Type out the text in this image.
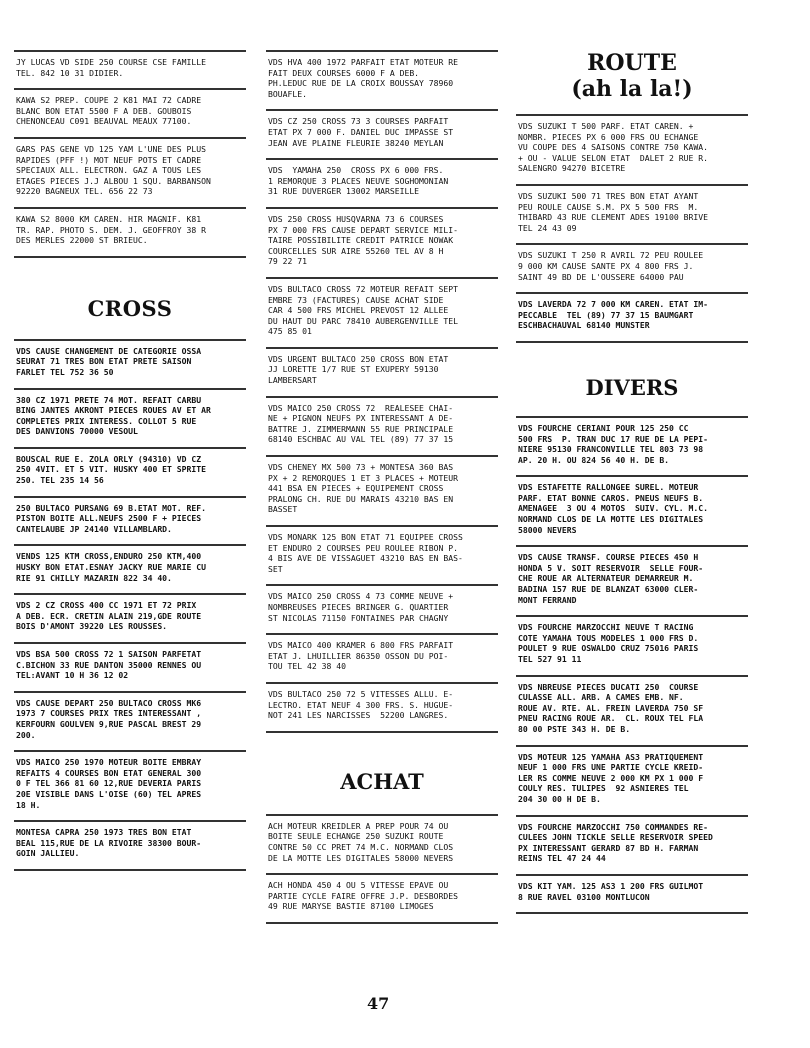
JY LUCAS VD SIDE 250 COURSE CSE FAMILLE
TEL. 842 10 31 DIDIER.
KAWA S2 PREP. COUPE 2 K81 MAI 72 CADRE
BLANC BON ETAT 5500 F A DEB. GOUBOIS
CHENONCEAU C091 BEAUVAL MEAUX 77100.
GARS PAS GENE VD 125 YAM L'UNE DES PLUS
RAPIDES (PFF !) MOT NEUF POTS ET CADRE
SPECIAUX ALL. ELECTRON. GAZ A TOUS LES
ETAGES PIECES J.J ALBOU 1 SQU. BARBANSON
92220 BAGNEUX TEL. 656 22 73
KAWA S2 8000 KM CAREN. HIR MAGNIF. K81
TR. RAP. PHOTO S. DEM. J. GEOFFROY 38 R
DES MERLES 22000 ST BRIEUC.
CROSS
VDS CAUSE CHANGEMENT DE CATEGORIE OSSA
SEURAT 71 TRES BON ETAT PRETE SAISON
FARLET TEL 752 36 50
380 CZ 1971 PRETE 74 MOT. REFAIT CARBU
BING JANTES AKRONT PIECES ROUES AV ET AR
COMPLETES PRIX INTERESS. COLLOT 5 RUE
DES DANVIONS 70000 VESOUL
BOUSCAL RUE E. ZOLA ORLY (94310) VD CZ
250 4VIT. ET 5 VIT. HUSKY 400 ET SPRITE
250. TEL 235 14 56
250 BULTACO PURSANG 69 B.ETAT MOT. REF.
PISTON BOITE ALL.NEUFS 2500 F + PIECES
CANTELAUBE JP 24140 VILLAMBLARD.
VENDS 125 KTM CROSS,ENDURO 250 KTM,400
HUSKY BON ETAT.ESNAY JACKY RUE MARIE CU
RIE 91 CHILLY MAZARIN 822 34 40.
VDS 2 CZ CROSS 400 CC 1971 ET 72 PRIX
A DEB. ECR. CRETIN ALAIN 219,GDE ROUTE
BOIS D'AMONT 39220 LES ROUSSES.
VDS BSA 500 CROSS 72 1 SAISON PARFETAT
C.BICHON 33 RUE DANTON 35000 RENNES OU
TEL:AVANT 10 H 36 12 02
VDS CAUSE DEPART 250 BULTACO CROSS MK6
1973 7 COURSES PRIX TRES INTERESSANT ,
KERFOURN GOULVEN 9,RUE PASCAL BREST 29
200.
VDS MAICO 250 1970 MOTEUR BOITE EMBRAY
REFAITS 4 COURSES BON ETAT GENERAL 300
0 F TEL 366 81 60 12,RUE DEVERIA PARIS
20E VISIBLE DANS L'OISE (60) TEL APRES
18 H.
MONTESA CAPRA 250 1973 TRES BON ETAT
BEAL 115,RUE DE LA RIVOIRE 38300 BOUR-
GOIN JALLIEU.
VDS HVA 400 1972 PARFAIT ETAT MOTEUR RE
FAIT DEUX COURSES 6000 F A DEB.
PH.LEDUC RUE DE LA CROIX BOUSSAY 78960
BOUAFLE.
VDS CZ 250 CROSS 73 3 COURSES PARFAIT
ETAT PX 7 000 F. DANIEL DUC IMPASSE ST
JEAN AVE PLAINE FLEURIE 38240 MEYLAN
VDS  YAMAHA 250  CROSS PX 6 000 FRS.
1 REMORQUE 3 PLACES NEUVE SOGHOMONIAN
31 RUE DUVERGER 13002 MARSEILLE
VDS 250 CROSS HUSQVARNA 73 6 COURSES
PX 7 000 FRS CAUSE DEPART SERVICE MILI-
TAIRE POSSIBILITE CREDIT PATRICE NOWAK
COURCELLES SUR AIRE 55260 TEL AV 8 H
79 22 71
VDS BULTACO CROSS 72 MOTEUR REFAIT SEPT
EMBRE 73 (FACTURES) CAUSE ACHAT SIDE
CAR 4 500 FRS MICHEL PREVOST 12 ALLEE
DU HAUT DU PARC 78410 AUBERGENVILLE TEL
475 85 01
VDS URGENT BULTACO 250 CROSS BON ETAT
JJ LORETTE 1/7 RUE ST EXUPERY 59130
LAMBERSART
VDS MAICO 250 CROSS 72  REALESEE CHAI-
NE + PIGNON NEUFS PX INTERESSANT A DE-
BATTRE J. ZIMMERMANN 55 RUE PRINCIPALE
68140 ESCHBAC AU VAL TEL (89) 77 37 15
VDS CHENEY MX 500 73 + MONTESA 360 BAS
PX + 2 REMORQUES 1 ET 3 PLACES + MOTEUR
441 BSA EN PIECES + EQUIPEMENT CROSS
PRALONG CH. RUE DU MARAIS 43210 BAS EN
BASSET
VDS MONARK 125 BON ETAT 71 EQUIPEE CROSS
ET ENDURO 2 COURSES PEU ROULEE RIBON P.
4 BIS AVE DE VISSAGUET 43210 BAS EN BAS-
SET
VDS MAICO 250 CROSS 4 73 COMME NEUVE +
NOMBREUSES PIECES BRINGER G. QUARTIER
ST NICOLAS 71150 FONTAINES PAR CHAGNY
VDS MAICO 400 KRAMER 6 800 FRS PARFAIT
ETAT J. LHUILLIER 86350 OSSON DU POI-
TOU TEL 42 38 40
VDS BULTACO 250 72 5 VITESSES ALLU. E-
LECTRO. ETAT NEUF 4 300 FRS. S. HUGUE-
NOT 241 LES NARCISSES  52200 LANGRES.
ACHAT
ACH MOTEUR KREIDLER A PREP POUR 74 OU
BOITE SEULE ECHANGE 250 SUZUKI ROUTE
CONTRE 50 CC PRET 74 M.C. NORMAND CLOS
DE LA MOTTE LES DIGITALES 58000 NEVERS
ACH HONDA 450 4 OU 5 VITESSE EPAVE OU
PARTIE CYCLE FAIRE OFFRE J.P. DESBORDES
49 RUE MARYSE BASTIE 87100 LIMOGES
ROUTE
(ah la la!)
VDS SUZUKI T 500 PARF. ETAT CAREN. +
NOMBR. PIECES PX 6 000 FRS OU ECHANGE
VU COUPE DES 4 SAISONS CONTRE 750 KAWA.
+ OU - VALUE SELON ETAT  DALET 2 RUE R.
SALENGRO 94270 BICETRE
VDS SUZUKI 500 71 TRES BON ETAT AYANT
PEU ROULE CAUSE S.M. PX 5 500 FRS  M.
THIBARD 43 RUE CLEMENT ADES 19100 BRIVE
TEL 24 43 09
VDS SUZUKI T 250 R AVRIL 72 PEU ROULEE
9 000 KM CAUSE SANTE PX 4 800 FRS J.
SAINT 49 BD DE L'OUSSERE 64000 PAU
VDS LAVERDA 72 7 000 KM CAREN. ETAT IM-
PECCABLE  TEL (89) 77 37 15 BAUMGART
ESCHBACHAUVAL 68140 MUNSTER
DIVERS
VDS FOURCHE CERIANI POUR 125 250 CC
500 FRS  P. TRAN DUC 17 RUE DE LA PEPI-
NIERE 95130 FRANCONVILLE TEL 803 73 98
AP. 20 H. OU 824 56 40 H. DE B.
VDS ESTAFETTE RALLONGEE SUREL. MOTEUR
PARF. ETAT BONNE CAROS. PNEUS NEUFS B.
AMENAGEE  3 OU 4 MOTOS  SUIV. CYL. M.C.
NORMAND CLOS DE LA MOTTE LES DIGITALES
58000 NEVERS
VDS CAUSE TRANSF. COURSE PIECES 450 H
HONDA 5 V. SOIT RESERVOIR  SELLE FOUR-
CHE ROUE AR ALTERNATEUR DEMARREUR M.
BADINA 157 RUE DE BLANZAT 63000 CLER-
MONT FERRAND
VDS FOURCHE MARZOCCHI NEUVE T RACING
COTE YAMAHA TOUS MODELES 1 000 FRS D.
POULET 9 RUE OSWALDO CRUZ 75016 PARIS
TEL 527 91 11
VDS NBREUSE PIECES DUCATI 250  COURSE
CULASSE ALL. ARB. A CAMES EMB. NF.
ROUE AV. RTE. AL. FREIN LAVERDA 750 SF
PNEU RACING ROUE AR.  CL. ROUX TEL FLA
80 00 PSTE 343 H. DE B.
VDS MOTEUR 125 YAMAHA AS3 PRATIQUEMENT
NEUF 1 000 FRS UNE PARTIE CYCLE KREID-
LER RS COMME NEUVE 2 000 KM PX 1 000 F
COULY RES. TULIPES  92 ASNIERES TEL
204 30 00 H DE B.
VDS FOURCHE MARZOCCHI 750 COMMANDES RE-
CULEES JOHN TICKLE SELLE RESERVOIR SPEED
PX INTERESSANT GERARD 87 BD H. FARMAN
REINS TEL 47 24 44
VDS KIT YAM. 125 AS3 1 200 FRS GUILMOT
8 RUE RAVEL 03100 MONTLUCON
47
